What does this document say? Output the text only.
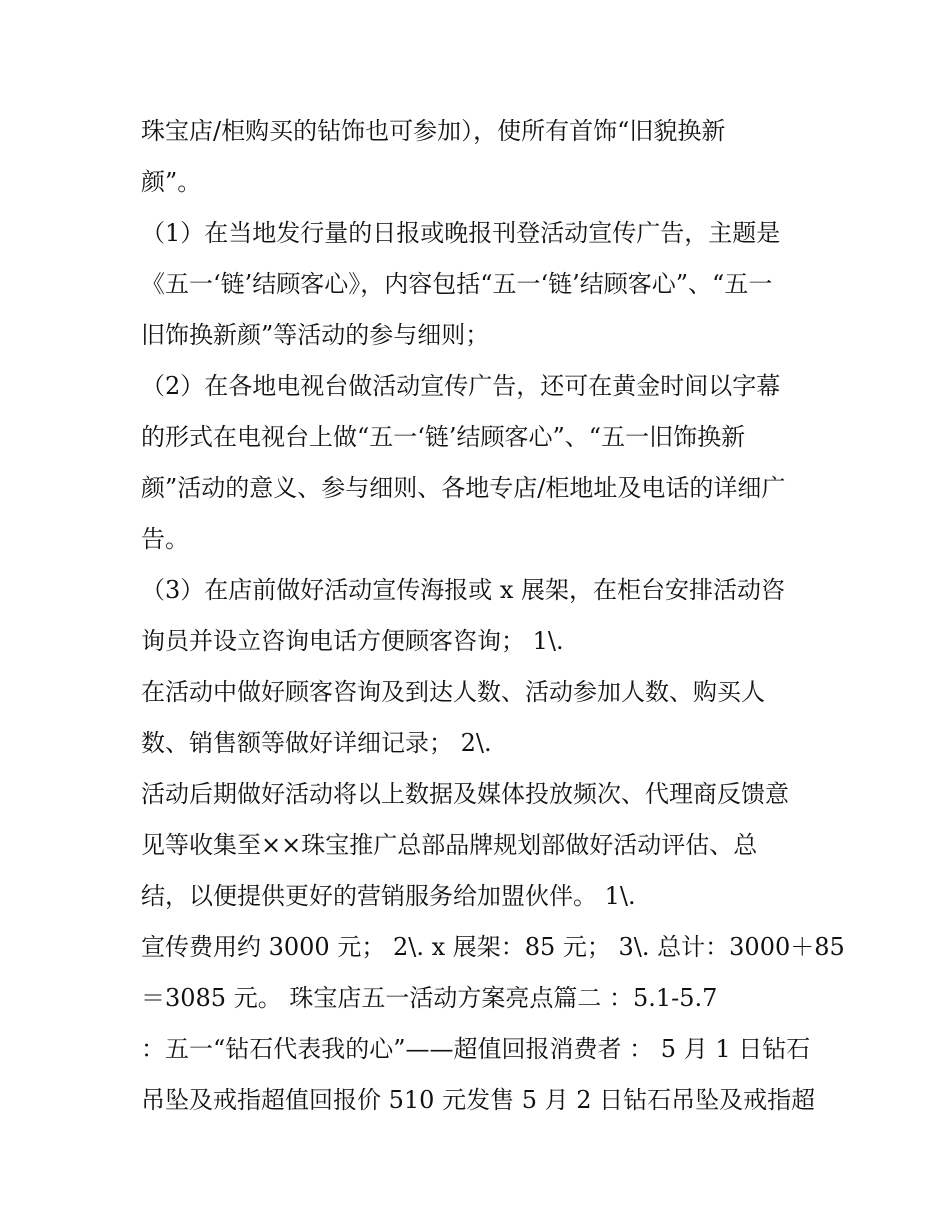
珠宝店/柜购买的钻饰也可参加），使所有首饰“旧貌换新
颜”。
（1）在当地发行量的日报或晚报刊登活动宣传广告，主题是
《五一‘链’结顾客心》，内容包括“五一‘链’结顾客心”、“五一
旧饰换新颜”等活动的参与细则；
（2）在各地电视台做活动宣传广告，还可在黄金时间以字幕
的形式在电视台上做“五一‘链’结顾客心”、“五一旧饰换新
颜”活动的意义、参与细则、各地专店/柜地址及电话的详细广
告。
（3）在店前做好活动宣传海报或 x 展架，在柜台安排活动咨
询员并设立咨询电话方便顾客咨询； 1\.
在活动中做好顾客咨询及到达人数、活动参加人数、购买人
数、销售额等做好详细记录； 2\.
活动后期做好活动将以上数据及媒体投放频次、代理商反馈意
见等收集至××珠宝推广总部品牌规划部做好活动评估、总
结，以便提供更好的营销服务给加盟伙伴。 1\.
宣传费用约 3000 元； 2\. x 展架：85 元； 3\. 总计：3000＋85
＝3085 元。 珠宝店五一活动方案亮点篇二 ：5.1-5.7
：五一“钻石代表我的心”——超值回报消费者 ： 5 月 1 日钻石
吊坠及戒指超值回报价 510 元发售 5 月 2 日钻石吊坠及戒指超
